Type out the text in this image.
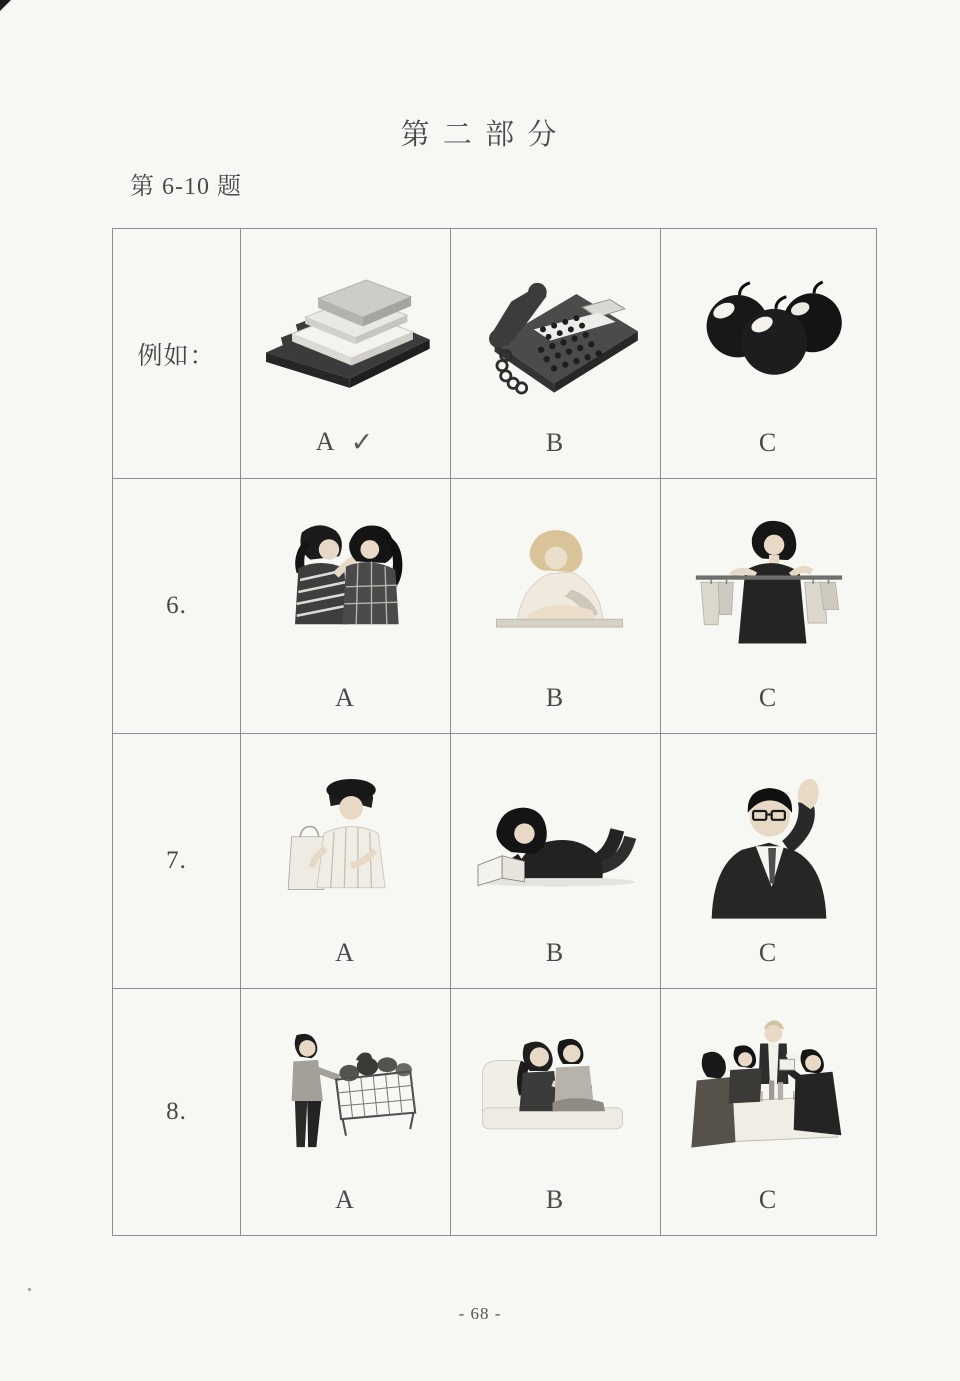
第 二 部 分
第 6-10 题
例如：	A ✓	B	C

6.	A	B	C

7.	A	B	C

8.	A	B	C
- 68 -
